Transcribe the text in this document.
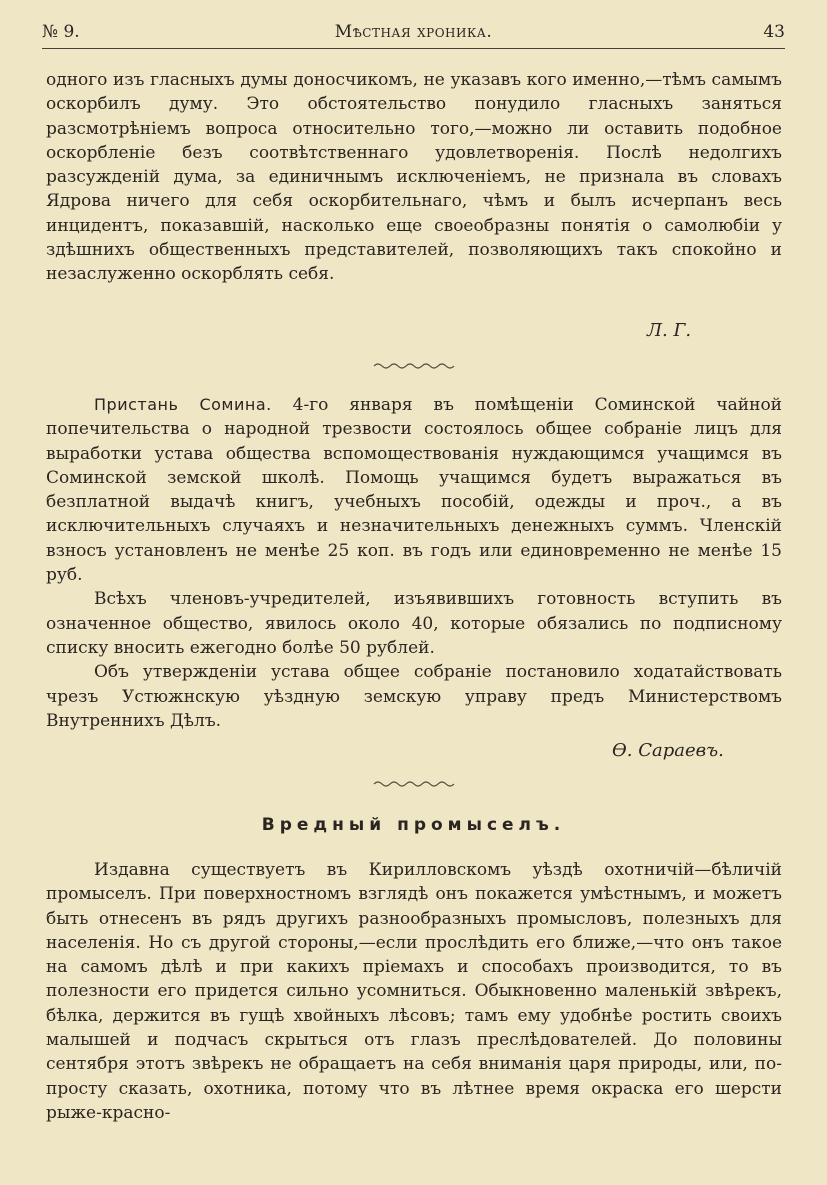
№ 9.	Мѣстная хроника.	43

одного изъ гласныхъ думы доносчикомъ, не указавъ кого именно,—тѣмъ самымъ оскорбилъ думу. Это обстоятельство понудило гласныхъ заняться разсмотрѣніемъ вопроса относительно того,—можно ли оставить подобное оскорбленіе безъ соотвѣтственнаго удовлетворенія. Послѣ недолгихъ разсужденій дума, за единичнымъ исключеніемъ, не признала въ словахъ Ядрова ничего для себя оскорбительнаго, чѣмъ и былъ исчерпанъ весь инцидентъ, показавшій, насколько еще своеобразны понятія о самолюбіи у здѣшнихъ общественныхъ представителей, позволяющихъ такъ спокойно и незаслуженно оскорблять себя.

Л. Г.

Пристань Сомина. 4-го января въ помѣщеніи Соминской чайной попечительства о народной трезвости состоялось общее собраніе лицъ для выработки устава общества вспомоществованія нуждающимся учащимся въ Соминской земской школѣ. Помощь учащимся будетъ выражаться въ безплатной выдачѣ книгъ, учебныхъ пособій, одежды и проч., а въ исключительныхъ случаяхъ и незначительныхъ денежныхъ суммъ. Членскій взносъ установленъ не менѣе 25 коп. въ годъ или единовременно не менѣе 15 руб.

Всѣхъ членовъ-учредителей, изъявившихъ готовность вступить въ означенное общество, явилось около 40, которые обязались по подписному списку вносить ежегодно болѣе 50 рублей.

Объ утвержденіи устава общее собраніе постановило ходатайствовать чрезъ Устюжнскую уѣздную земскую управу предъ Министерствомъ Внутреннихъ Дѣлъ.

Ѳ. Сараевъ.
Вредный промыселъ.

Издавна существуетъ въ Кирилловскомъ уѣздѣ охотничій—бѣличій промыселъ. При поверхностномъ взглядѣ онъ покажется умѣстнымъ, и можетъ быть отнесенъ въ рядъ другихъ разнообразныхъ промысловъ, полезныхъ для населенія. Но съ другой стороны,—если прослѣдить его ближе,—что онъ такое на самомъ дѣлѣ и при какихъ пріемахъ и способахъ производится, то въ полезности его придется сильно усомниться. Обыкновенно маленькій звѣрекъ, бѣлка, держится въ гущѣ хвойныхъ лѣсовъ; тамъ ему удобнѣе ростить своихъ малышей и подчасъ скрыться отъ глазъ преслѣдователей. До половины сентября этотъ звѣрекъ не обращаетъ на себя вниманія царя природы, или, по-просту сказать, охотника, потому что въ лѣтнее время окраска его шерсти рыже-красно-
